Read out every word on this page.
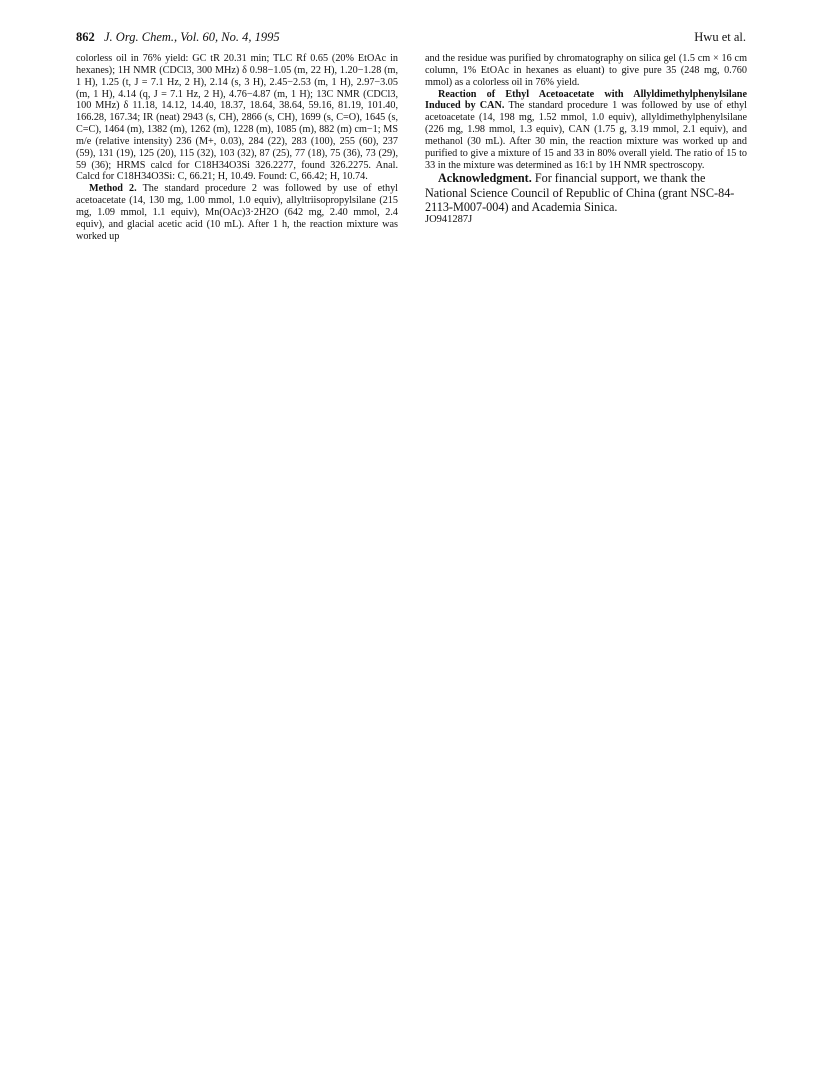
862 J. Org. Chem., Vol. 60, No. 4, 1995	Hwu et al.

colorless oil in 76% yield: GC tR 20.31 min; TLC Rf 0.65 (20% EtOAc in hexanes); 1H NMR (CDCl3, 300 MHz) δ 0.98−1.05 (m, 22 H), 1.20−1.28 (m, 1 H), 1.25 (t, J = 7.1 Hz, 2 H), 2.14 (s, 3 H), 2.45−2.53 (m, 1 H), 2.97−3.05 (m, 1 H), 4.14 (q, J = 7.1 Hz, 2 H), 4.76−4.87 (m, 1 H); 13C NMR (CDCl3, 100 MHz) δ 11.18, 14.12, 14.40, 18.37, 18.64, 38.64, 59.16, 81.19, 101.40, 166.28, 167.34; IR (neat) 2943 (s, CH), 2866 (s, CH), 1699 (s, C=O), 1645 (s, C=C), 1464 (m), 1382 (m), 1262 (m), 1228 (m), 1085 (m), 882 (m) cm−1; MS m/e (relative intensity) 236 (M+, 0.03), 284 (22), 283 (100), 255 (60), 237 (59), 131 (19), 125 (20), 115 (32), 103 (32), 87 (25), 77 (18), 75 (36), 73 (29), 59 (36); HRMS calcd for C18H34O3Si 326.2277, found 326.2275. Anal. Calcd for C18H34O3Si: C, 66.21; H, 10.49. Found: C, 66.42; H, 10.74.

Method 2. The standard procedure 2 was followed by use of ethyl acetoacetate (14, 130 mg, 1.00 mmol, 1.0 equiv), allyltriisopropylsilane (215 mg, 1.09 mmol, 1.1 equiv), Mn(OAc)3·2H2O (642 mg, 2.40 mmol, 2.4 equiv), and glacial acetic acid (10 mL). After 1 h, the reaction mixture was worked up

and the residue was purified by chromatography on silica gel (1.5 cm × 16 cm column, 1% EtOAc in hexanes as eluant) to give pure 35 (248 mg, 0.760 mmol) as a colorless oil in 76% yield.

Reaction of Ethyl Acetoacetate with Allyldimethylphenylsilane Induced by CAN. The standard procedure 1 was followed by use of ethyl acetoacetate (14, 198 mg, 1.52 mmol, 1.0 equiv), allyldimethylphenylsilane (226 mg, 1.98 mmol, 1.3 equiv), CAN (1.75 g, 3.19 mmol, 2.1 equiv), and methanol (30 mL). After 30 min, the reaction mixture was worked up and purified to give a mixture of 15 and 33 in 80% overall yield. The ratio of 15 to 33 in the mixture was determined as 16:1 by 1H NMR spectroscopy.

Acknowledgment. For financial support, we thank the National Science Council of Republic of China (grant NSC-84-2113-M007-004) and Academia Sinica.

JO941287J
